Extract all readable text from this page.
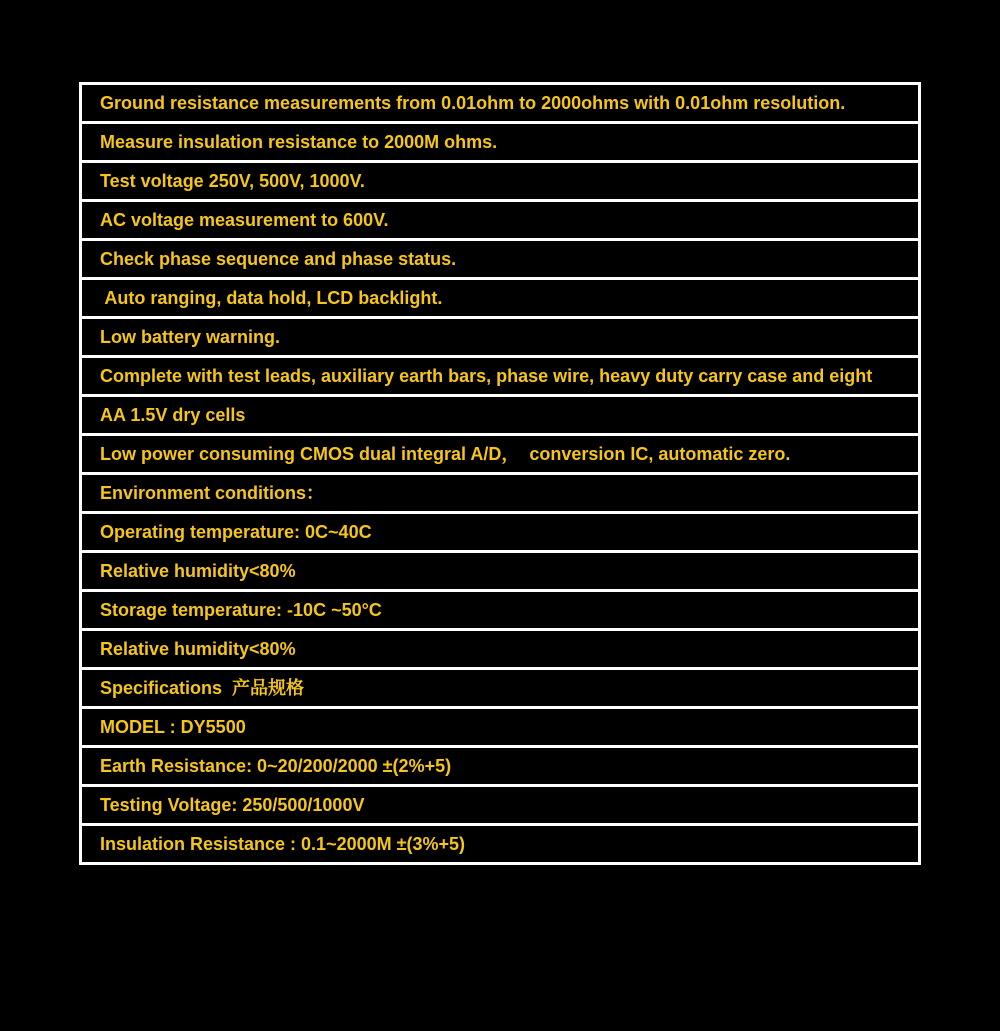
Ground resistance measurements from 0.01ohm to 2000ohms with 0.01ohm resolution.
Measure insulation resistance to 2000M ohms.
Test voltage 250V, 500V, 1000V.
AC voltage measurement to 600V.
Check phase sequence and phase status.
Auto ranging, data hold, LCD backlight.
Low battery warning.
Complete with test leads, auxiliary earth bars, phase wire, heavy duty carry case and eight
AA 1.5V dry cells
Low power consuming CMOS dual integral A/D，  conversion IC, automatic zero.
Environment conditions：
Operating temperature: 0C~40C
Relative humidity<80%
Storage temperature: -10C ~50°C
Relative humidity<80%
Specifications  产品规格
MODEL : DY5500
Earth Resistance: 0~20/200/2000 ±(2%+5)
Testing Voltage: 250/500/1000V
Insulation Resistance : 0.1~2000M ±(3%+5)
